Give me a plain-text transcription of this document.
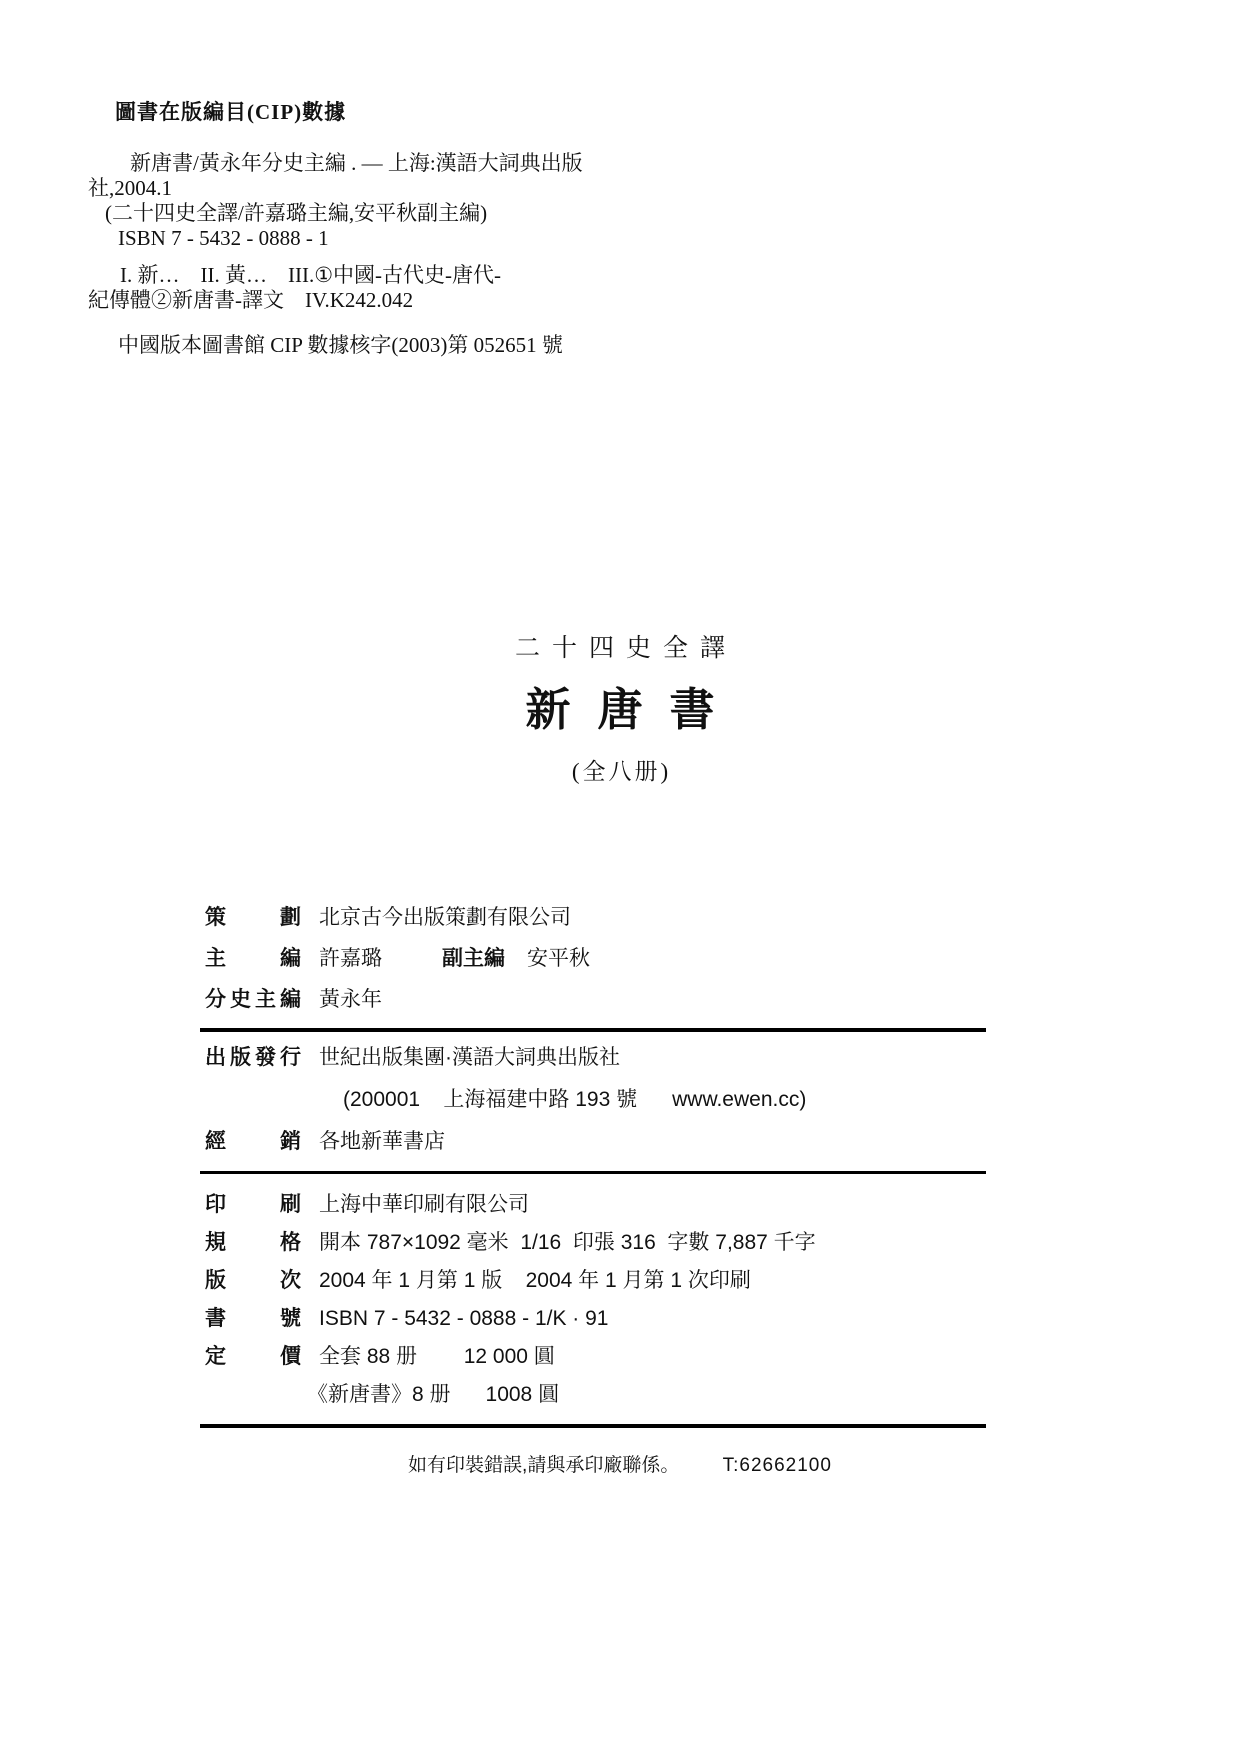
圖書在版編目(CIP)數據
新唐書/黃永年分史主編 . — 上海:漢語大詞典出版
社,2004.1
(二十四史全譯/許嘉璐主編,安平秋副主編)
ISBN 7 - 5432 - 0888 - 1
I. 新…    II. 黃…    III.①中國-古代史-唐代-
紀傳體②新唐書-譯文    IV.K242.042
中國版本圖書館 CIP 數據核字(2003)第 052651 號
二十四史全譯
新唐書
(全八册)
策劃 北京古今出版策劃有限公司
主編 許嘉璐	副主編 安平秋
分史主編 黃永年
出版發行 世紀出版集團·漢語大詞典出版社
(200001    上海福建中路 193 號      www.ewen.cc)
經銷 各地新華書店
印刷 上海中華印刷有限公司
規格 開本 787×1092 毫米  1/16  印張 316  字數 7,887 千字
版次 2004 年 1 月第 1 版    2004 年 1 月第 1 次印刷
書號 ISBN 7 - 5432 - 0888 - 1/K · 91
定價 全套 88 册        12 000 圓
《新唐書》8 册      1008 圓
如有印裝錯誤,請與承印廠聯係。 T:62662100
